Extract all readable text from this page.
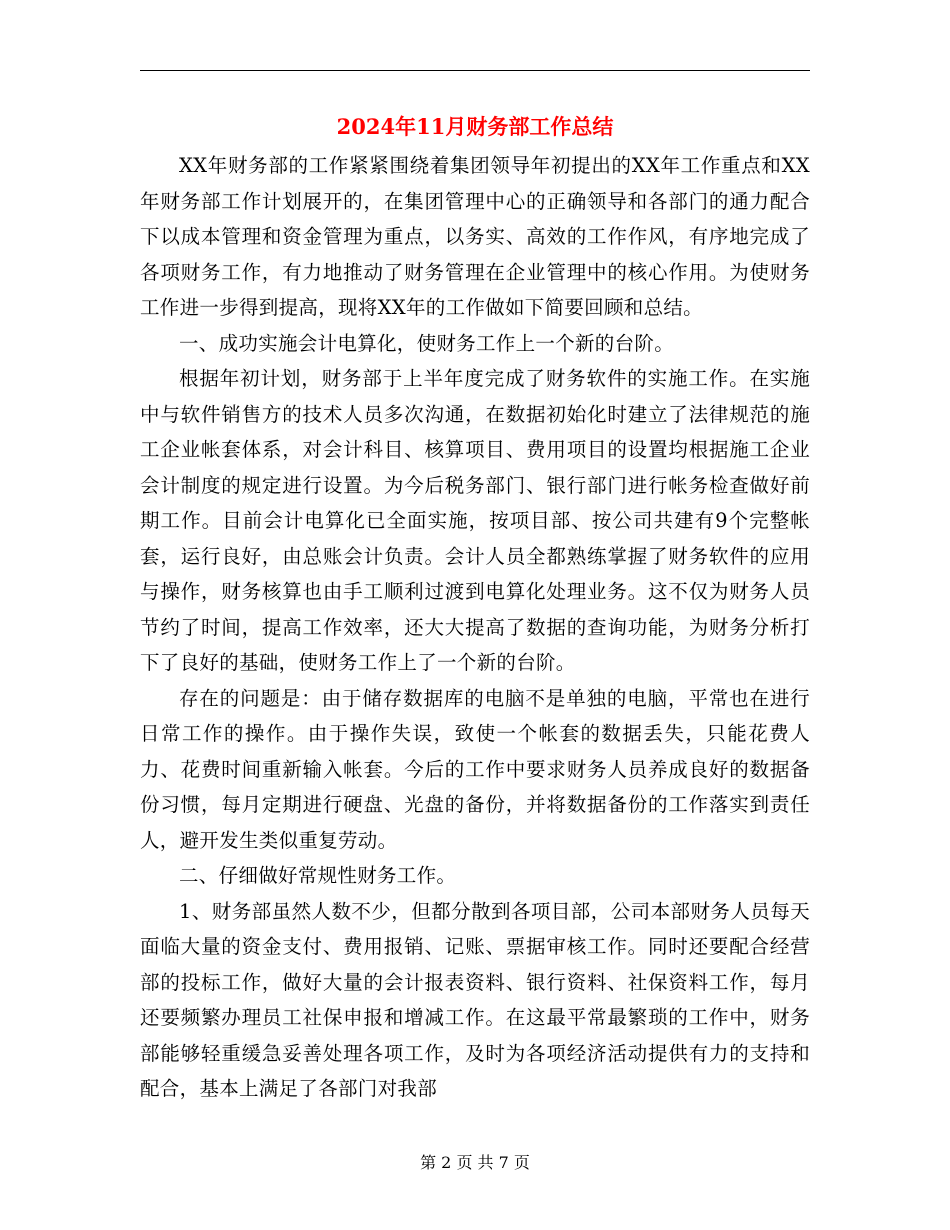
2024年11月财务部工作总结

XX年财务部的工作紧紧围绕着集团领导年初提出的XX年工作重点和XX年财务部工作计划展开的，在集团管理中心的正确领导和各部门的通力配合下以成本管理和资金管理为重点，以务实、高效的工作作风，有序地完成了各项财务工作，有力地推动了财务管理在企业管理中的核心作用。为使财务工作进一步得到提高，现将XX年的工作做如下简要回顾和总结。

一、成功实施会计电算化，使财务工作上一个新的台阶。

根据年初计划，财务部于上半年度完成了财务软件的实施工作。在实施中与软件销售方的技术人员多次沟通，在数据初始化时建立了法律规范的施工企业帐套体系，对会计科目、核算项目、费用项目的设置均根据施工企业会计制度的规定进行设置。为今后税务部门、银行部门进行帐务检查做好前期工作。目前会计电算化已全面实施，按项目部、按公司共建有9个完整帐套，运行良好，由总账会计负责。会计人员全都熟练掌握了财务软件的应用与操作，财务核算也由手工顺利过渡到电算化处理业务。这不仅为财务人员节约了时间，提高工作效率，还大大提高了数据的查询功能，为财务分析打下了良好的基础，使财务工作上了一个新的台阶。

存在的问题是：由于储存数据库的电脑不是单独的电脑，平常也在进行日常工作的操作。由于操作失误，致使一个帐套的数据丢失，只能花费人力、花费时间重新输入帐套。今后的工作中要求财务人员养成良好的数据备份习惯，每月定期进行硬盘、光盘的备份，并将数据备份的工作落实到责任人，避开发生类似重复劳动。

二、仔细做好常规性财务工作。

1、财务部虽然人数不少，但都分散到各项目部，公司本部财务人员每天面临大量的资金支付、费用报销、记账、票据审核工作。同时还要配合经营部的投标工作，做好大量的会计报表资料、银行资料、社保资料工作，每月还要频繁办理员工社保申报和增减工作。在这最平常最繁琐的工作中，财务部能够轻重缓急妥善处理各项工作，及时为各项经济活动提供有力的支持和配合，基本上满足了各部门对我部

第 2 页 共 7 页
